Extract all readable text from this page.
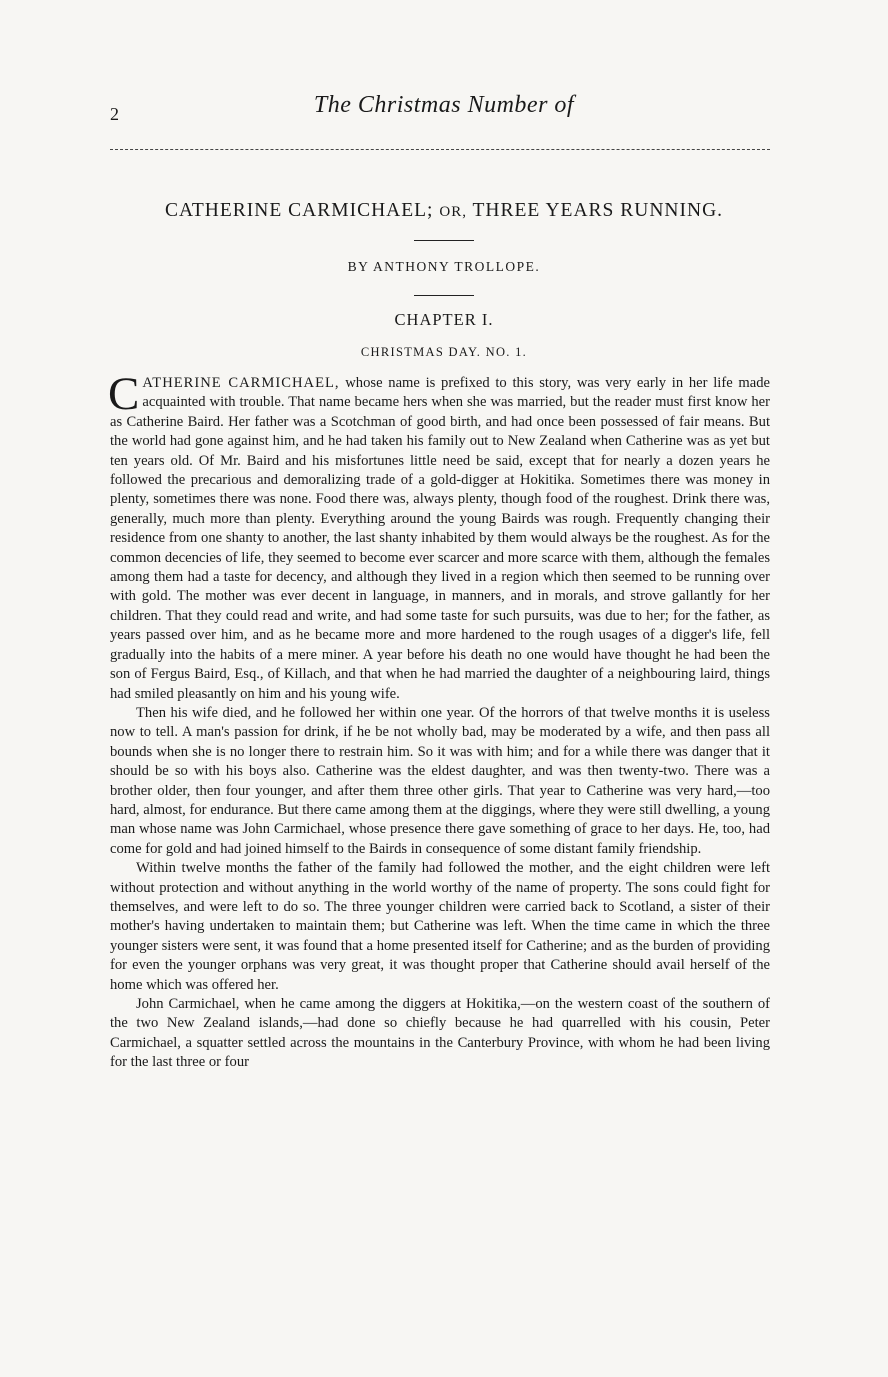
2	The Christmas Number of
CATHERINE CARMICHAEL; OR, THREE YEARS RUNNING.
BY ANTHONY TROLLOPE.
CHAPTER I.
CHRISTMAS DAY. NO. 1.

CATHERINE CARMICHAEL, whose name is prefixed to this story, was very early in her life made acquainted with trouble. That name became hers when she was married, but the reader must first know her as Catherine Baird. Her father was a Scotchman of good birth, and had once been possessed of fair means. But the world had gone against him, and he had taken his family out to New Zealand when Catherine was as yet but ten years old. Of Mr. Baird and his misfortunes little need be said, except that for nearly a dozen years he followed the precarious and demoralizing trade of a gold-digger at Hokitika. Sometimes there was money in plenty, sometimes there was none. Food there was, always plenty, though food of the roughest. Drink there was, generally, much more than plenty. Everything around the young Bairds was rough. Frequently changing their residence from one shanty to another, the last shanty inhabited by them would always be the roughest. As for the common decencies of life, they seemed to become ever scarcer and more scarce with them, although the females among them had a taste for decency, and although they lived in a region which then seemed to be running over with gold. The mother was ever decent in language, in manners, and in morals, and strove gallantly for her children. That they could read and write, and had some taste for such pursuits, was due to her; for the father, as years passed over him, and as he became more and more hardened to the rough usages of a digger's life, fell gradually into the habits of a mere miner. A year before his death no one would have thought he had been the son of Fergus Baird, Esq., of Killach, and that when he had married the daughter of a neighbouring laird, things had smiled pleasantly on him and his young wife.

Then his wife died, and he followed her within one year. Of the horrors of that twelve months it is useless now to tell. A man's passion for drink, if he be not wholly bad, may be moderated by a wife, and then pass all bounds when she is no longer there to restrain him. So it was with him; and for a while there was danger that it should be so with his boys also. Catherine was the eldest daughter, and was then twenty-two. There was a brother older, then four younger, and after them three other girls. That year to Catherine was very hard,—too hard, almost, for endurance. But there came among them at the diggings, where they were still dwelling, a young man whose name was John Carmichael, whose presence there gave something of grace to her days. He, too, had come for gold and had joined himself to the Bairds in consequence of some distant family friendship.

Within twelve months the father of the family had followed the mother, and the eight children were left without protection and without anything in the world worthy of the name of property. The sons could fight for themselves, and were left to do so. The three younger children were carried back to Scotland, a sister of their mother's having undertaken to maintain them; but Catherine was left. When the time came in which the three younger sisters were sent, it was found that a home presented itself for Catherine; and as the burden of providing for even the younger orphans was very great, it was thought proper that Catherine should avail herself of the home which was offered her.

John Carmichael, when he came among the diggers at Hokitika,—on the western coast of the southern of the two New Zealand islands,—had done so chiefly because he had quarrelled with his cousin, Peter Carmichael, a squatter settled across the mountains in the Canterbury Province, with whom he had been living for the last three or four
